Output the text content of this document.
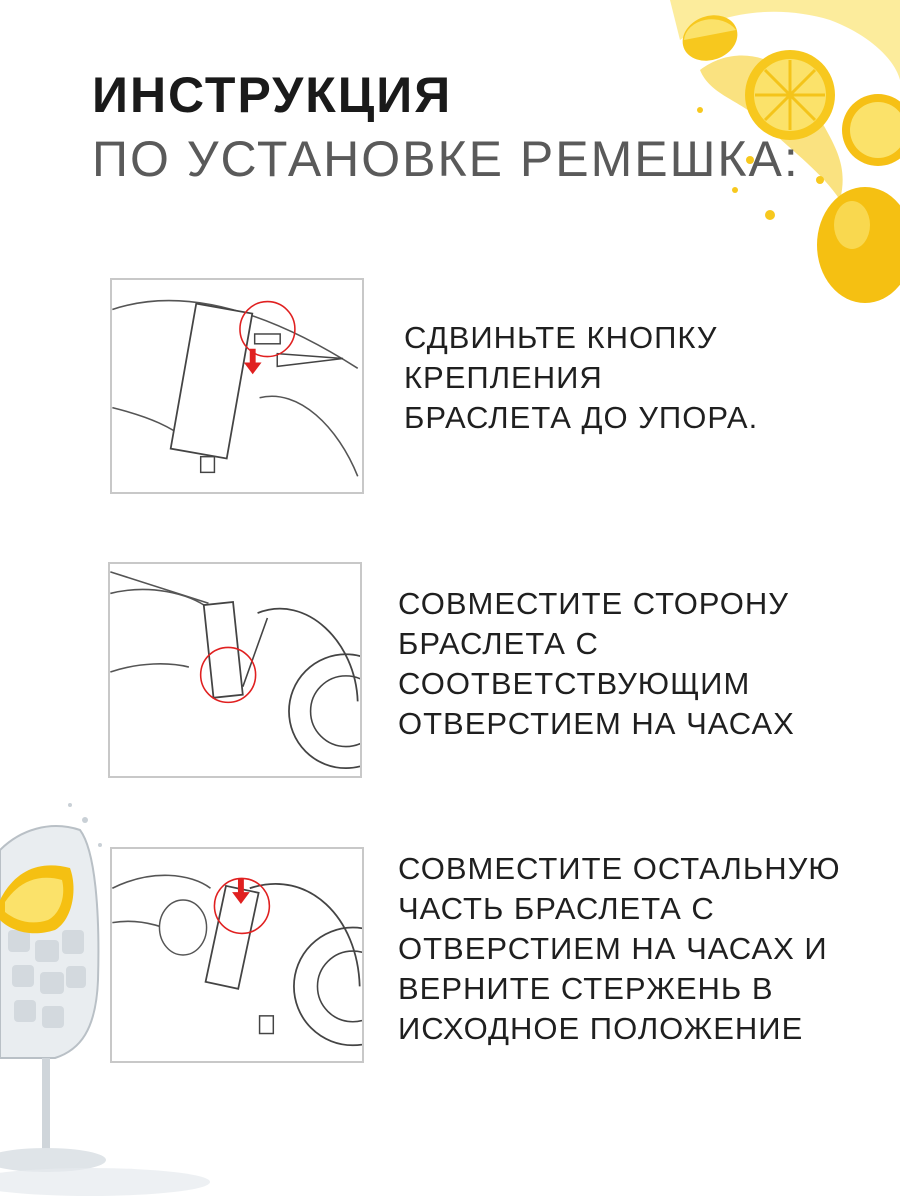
ИНСТРУКЦИЯ
ПО УСТАНОВКЕ РЕМЕШКА:

СДВИНЬТЕ КНОПКУ
КРЕПЛЕНИЯ
БРАСЛЕТА ДО УПОРА.

СОВМЕСТИТЕ СТОРОНУ
БРАСЛЕТА С
СООТВЕТСТВУЮЩИМ
ОТВЕРСТИЕМ НА ЧАСАХ

СОВМЕСТИТЕ ОСТАЛЬНУЮ
ЧАСТЬ БРАСЛЕТА С
ОТВЕРСТИЕМ НА ЧАСАХ И
ВЕРНИТЕ СТЕРЖЕНЬ В
ИСХОДНОЕ ПОЛОЖЕНИЕ
